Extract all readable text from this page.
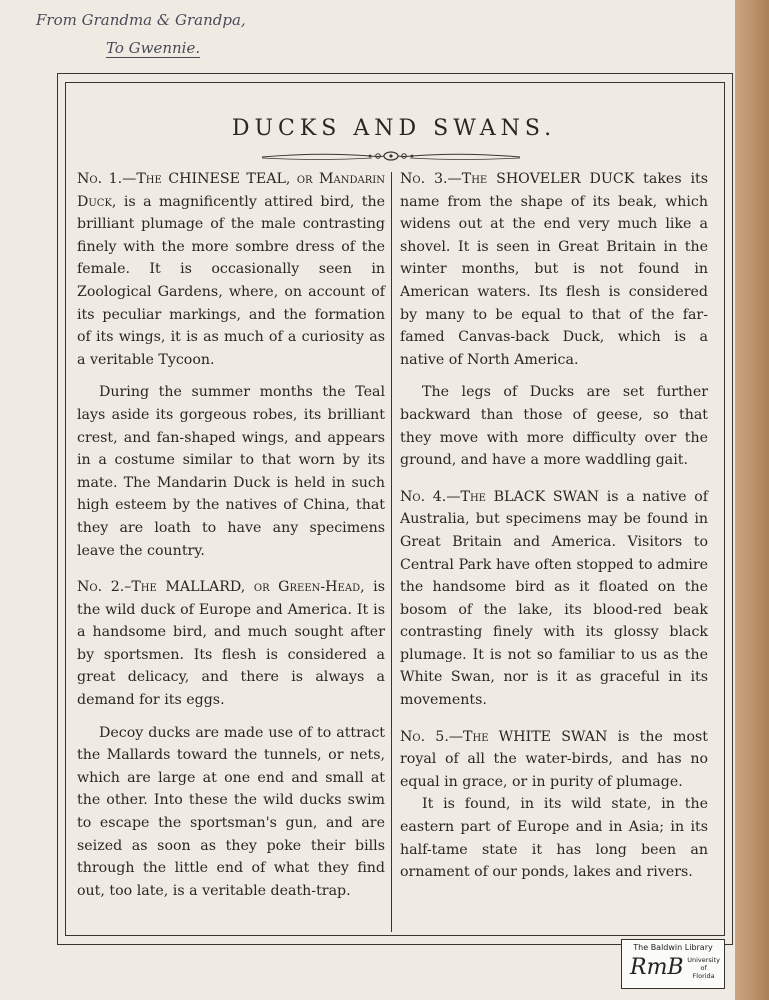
From Grandma & Grandpa,
To Gwennie.
DUCKS AND SWANS.

No. 1.—The CHINESE TEAL, or Mandarin Duck, is a magnificently attired bird, the brilliant plumage of the male contrasting finely with the more sombre dress of the female. It is occasionally seen in Zoological Gardens, where, on account of its peculiar markings, and the formation of its wings, it is as much of a curiosity as a veritable Tycoon.

During the summer months the Teal lays aside its gorgeous robes, its brilliant crest, and fan-shaped wings, and appears in a costume similar to that worn by its mate. The Mandarin Duck is held in such high esteem by the natives of China, that they are loath to have any specimens leave the country.

No. 2.–The MALLARD, or Green-Head, is the wild duck of Europe and America. It is a handsome bird, and much sought after by sportsmen. Its flesh is considered a great delicacy, and there is always a demand for its eggs.

Decoy ducks are made use of to attract the Mallards toward the tunnels, or nets, which are large at one end and small at the other. Into these the wild ducks swim to escape the sportsman's gun, and are seized as soon as they poke their bills through the little end of what they find out, too late, is a veritable death-trap.

No. 3.—The SHOVELER DUCK takes its name from the shape of its beak, which widens out at the end very much like a shovel. It is seen in Great Britain in the winter months, but is not found in American waters. Its flesh is considered by many to be equal to that of the far-famed Canvas-back Duck, which is a native of North America.

The legs of Ducks are set further backward than those of geese, so that they move with more difficulty over the ground, and have a more waddling gait.

No. 4.—The BLACK SWAN is a native of Australia, but specimens may be found in Great Britain and America. Visitors to Central Park have often stopped to admire the handsome bird as it floated on the bosom of the lake, its blood-red beak contrasting finely with its glossy black plumage. It is not so familiar to us as the White Swan, nor is it as graceful in its movements.

No. 5.—The WHITE SWAN is the most royal of all the water-birds, and has no equal in grace, or in purity of plumage.

It is found, in its wild state, in the eastern part of Europe and in Asia; in its half-tame state it has long been an ornament of our ponds, lakes and rivers.

The Baldwin Library
RmB University
of
Florida
